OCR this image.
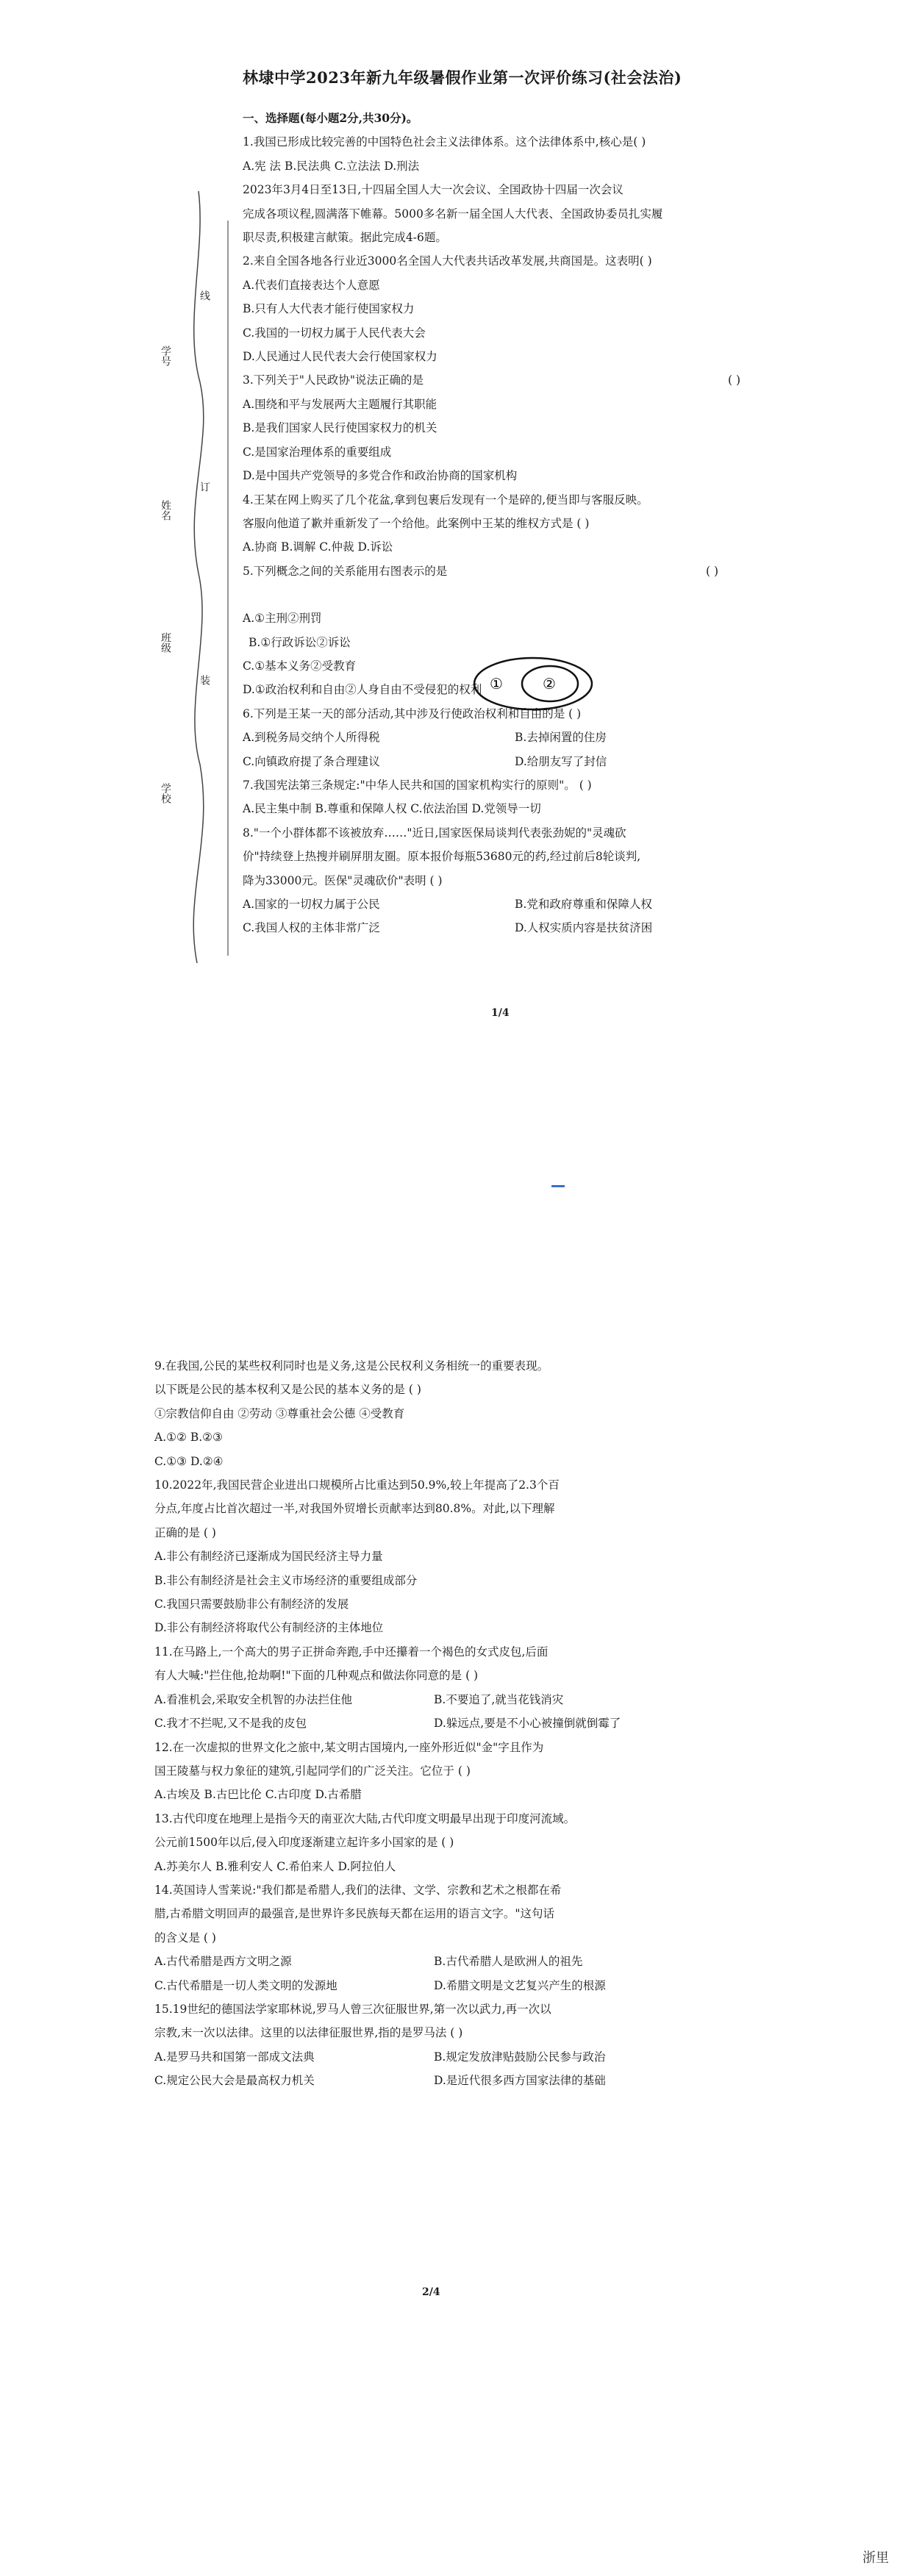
林埭中学2023年新九年级暑假作业第一次评价练习(社会法治)
学号
姓名
班级
学校
线
订
装
一、选择题(每小题2分,共30分)。
1.我国已形成比较完善的中国特色社会主义法律体系。这个法律体系中,核心是( )
A.宪 法 B.民法典 C.立法法 D.刑法
2023年3月4日至13日,十四届全国人大一次会议、全国政协十四届一次会议
完成各项议程,圆满落下帷幕。5000多名新一届全国人大代表、全国政协委员扎实履
职尽责,积极建言献策。据此完成4-6题。
2.来自全国各地各行业近3000名全国人大代表共话改革发展,共商国是。这表明( )
A.代表们直接表达个人意愿
B.只有人大代表才能行使国家权力
C.我国的一切权力属于人民代表大会
D.人民通过人民代表大会行使国家权力
3.下列关于"人民政协"说法正确的是	( )
A.围绕和平与发展两大主题履行其职能
B.是我们国家人民行使国家权力的机关
C.是国家治理体系的重要组成
D.是中国共产党领导的多党合作和政治协商的国家机构
4.王某在网上购买了几个花盆,拿到包裹后发现有一个是碎的,便当即与客服反映。
客服向他道了歉并重新发了一个给他。此案例中王某的维权方式是 ( )
A.协商 B.调解 C.仲裁 D.诉讼
5.下列概念之间的关系能用右图表示的是	( )
A.①主刑②刑罚
B.①行政诉讼②诉讼
C.①基本义务②受教育
D.①政治权利和自由②人身自由不受侵犯的权利
6.下列是王某一天的部分活动,其中涉及行使政治权利和自由的是 ( )
A.到税务局交纳个人所得税	B.去掉闲置的住房
C.向镇政府提了条合理建议	D.给朋友写了封信
7.我国宪法第三条规定:"中华人民共和国的国家机构实行的原则"。 ( )
A.民主集中制 B.尊重和保障人权 C.依法治国 D.党领导一切
8."一个小群体都不该被放弃……"近日,国家医保局谈判代表张劲妮的"灵魂砍
价"持续登上热搜并刷屏朋友圈。原本报价每瓶53680元的药,经过前后8轮谈判,
降为33000元。医保"灵魂砍价"表明 ( )
A.国家的一切权力属于公民	B.党和政府尊重和保障人权
C.我国人权的主体非常广泛	D.人权实质内容是扶贫济困
①	②
1/4
9.在我国,公民的某些权利同时也是义务,这是公民权利义务相统一的重要表现。
以下既是公民的基本权利又是公民的基本义务的是 ( )
①宗教信仰自由 ②劳动 ③尊重社会公德 ④受教育
A.①② B.②③
C.①③ D.②④
10.2022年,我国民营企业进出口规模所占比重达到50.9%,较上年提高了2.3个百
分点,年度占比首次超过一半,对我国外贸增长贡献率达到80.8%。对此,以下理解
正确的是 ( )
A.非公有制经济已逐渐成为国民经济主导力量
B.非公有制经济是社会主义市场经济的重要组成部分
C.我国只需要鼓励非公有制经济的发展
D.非公有制经济将取代公有制经济的主体地位
11.在马路上,一个高大的男子正拼命奔跑,手中还攥着一个褐色的女式皮包,后面
有人大喊:"拦住他,抢劫啊!"下面的几种观点和做法你同意的是 ( )
A.看准机会,采取安全机智的办法拦住他	B.不要追了,就当花钱消灾
C.我才不拦呢,又不是我的皮包	D.躲远点,要是不小心被撞倒就倒霉了
12.在一次虚拟的世界文化之旅中,某文明古国境内,一座外形近似"金"字且作为
国王陵墓与权力象征的建筑,引起同学们的广泛关注。它位于 ( )
A.古埃及 B.古巴比伦 C.古印度 D.古希腊
13.古代印度在地理上是指今天的南亚次大陆,古代印度文明最早出现于印度河流域。
公元前1500年以后,侵入印度逐渐建立起许多小国家的是 ( )
A.苏美尔人 B.雅利安人 C.希伯来人 D.阿拉伯人
14.英国诗人雪莱说:"我们都是希腊人,我们的法律、文学、宗教和艺术之根都在希
腊,古希腊文明回声的最强音,是世界许多民族每天都在运用的语言文字。"这句话
的含义是 ( )
A.古代希腊是西方文明之源	B.古代希腊人是欧洲人的祖先
C.古代希腊是一切人类文明的发源地	D.希腊文明是文艺复兴产生的根源
15.19世纪的德国法学家耶林说,罗马人曾三次征服世界,第一次以武力,再一次以
宗教,末一次以法律。这里的以法律征服世界,指的是罗马法 ( )
A.是罗马共和国第一部成文法典	B.规定发放津贴鼓励公民参与政治
C.规定公民大会是最高权力机关	D.是近代很多西方国家法律的基础
2/4
浙里
